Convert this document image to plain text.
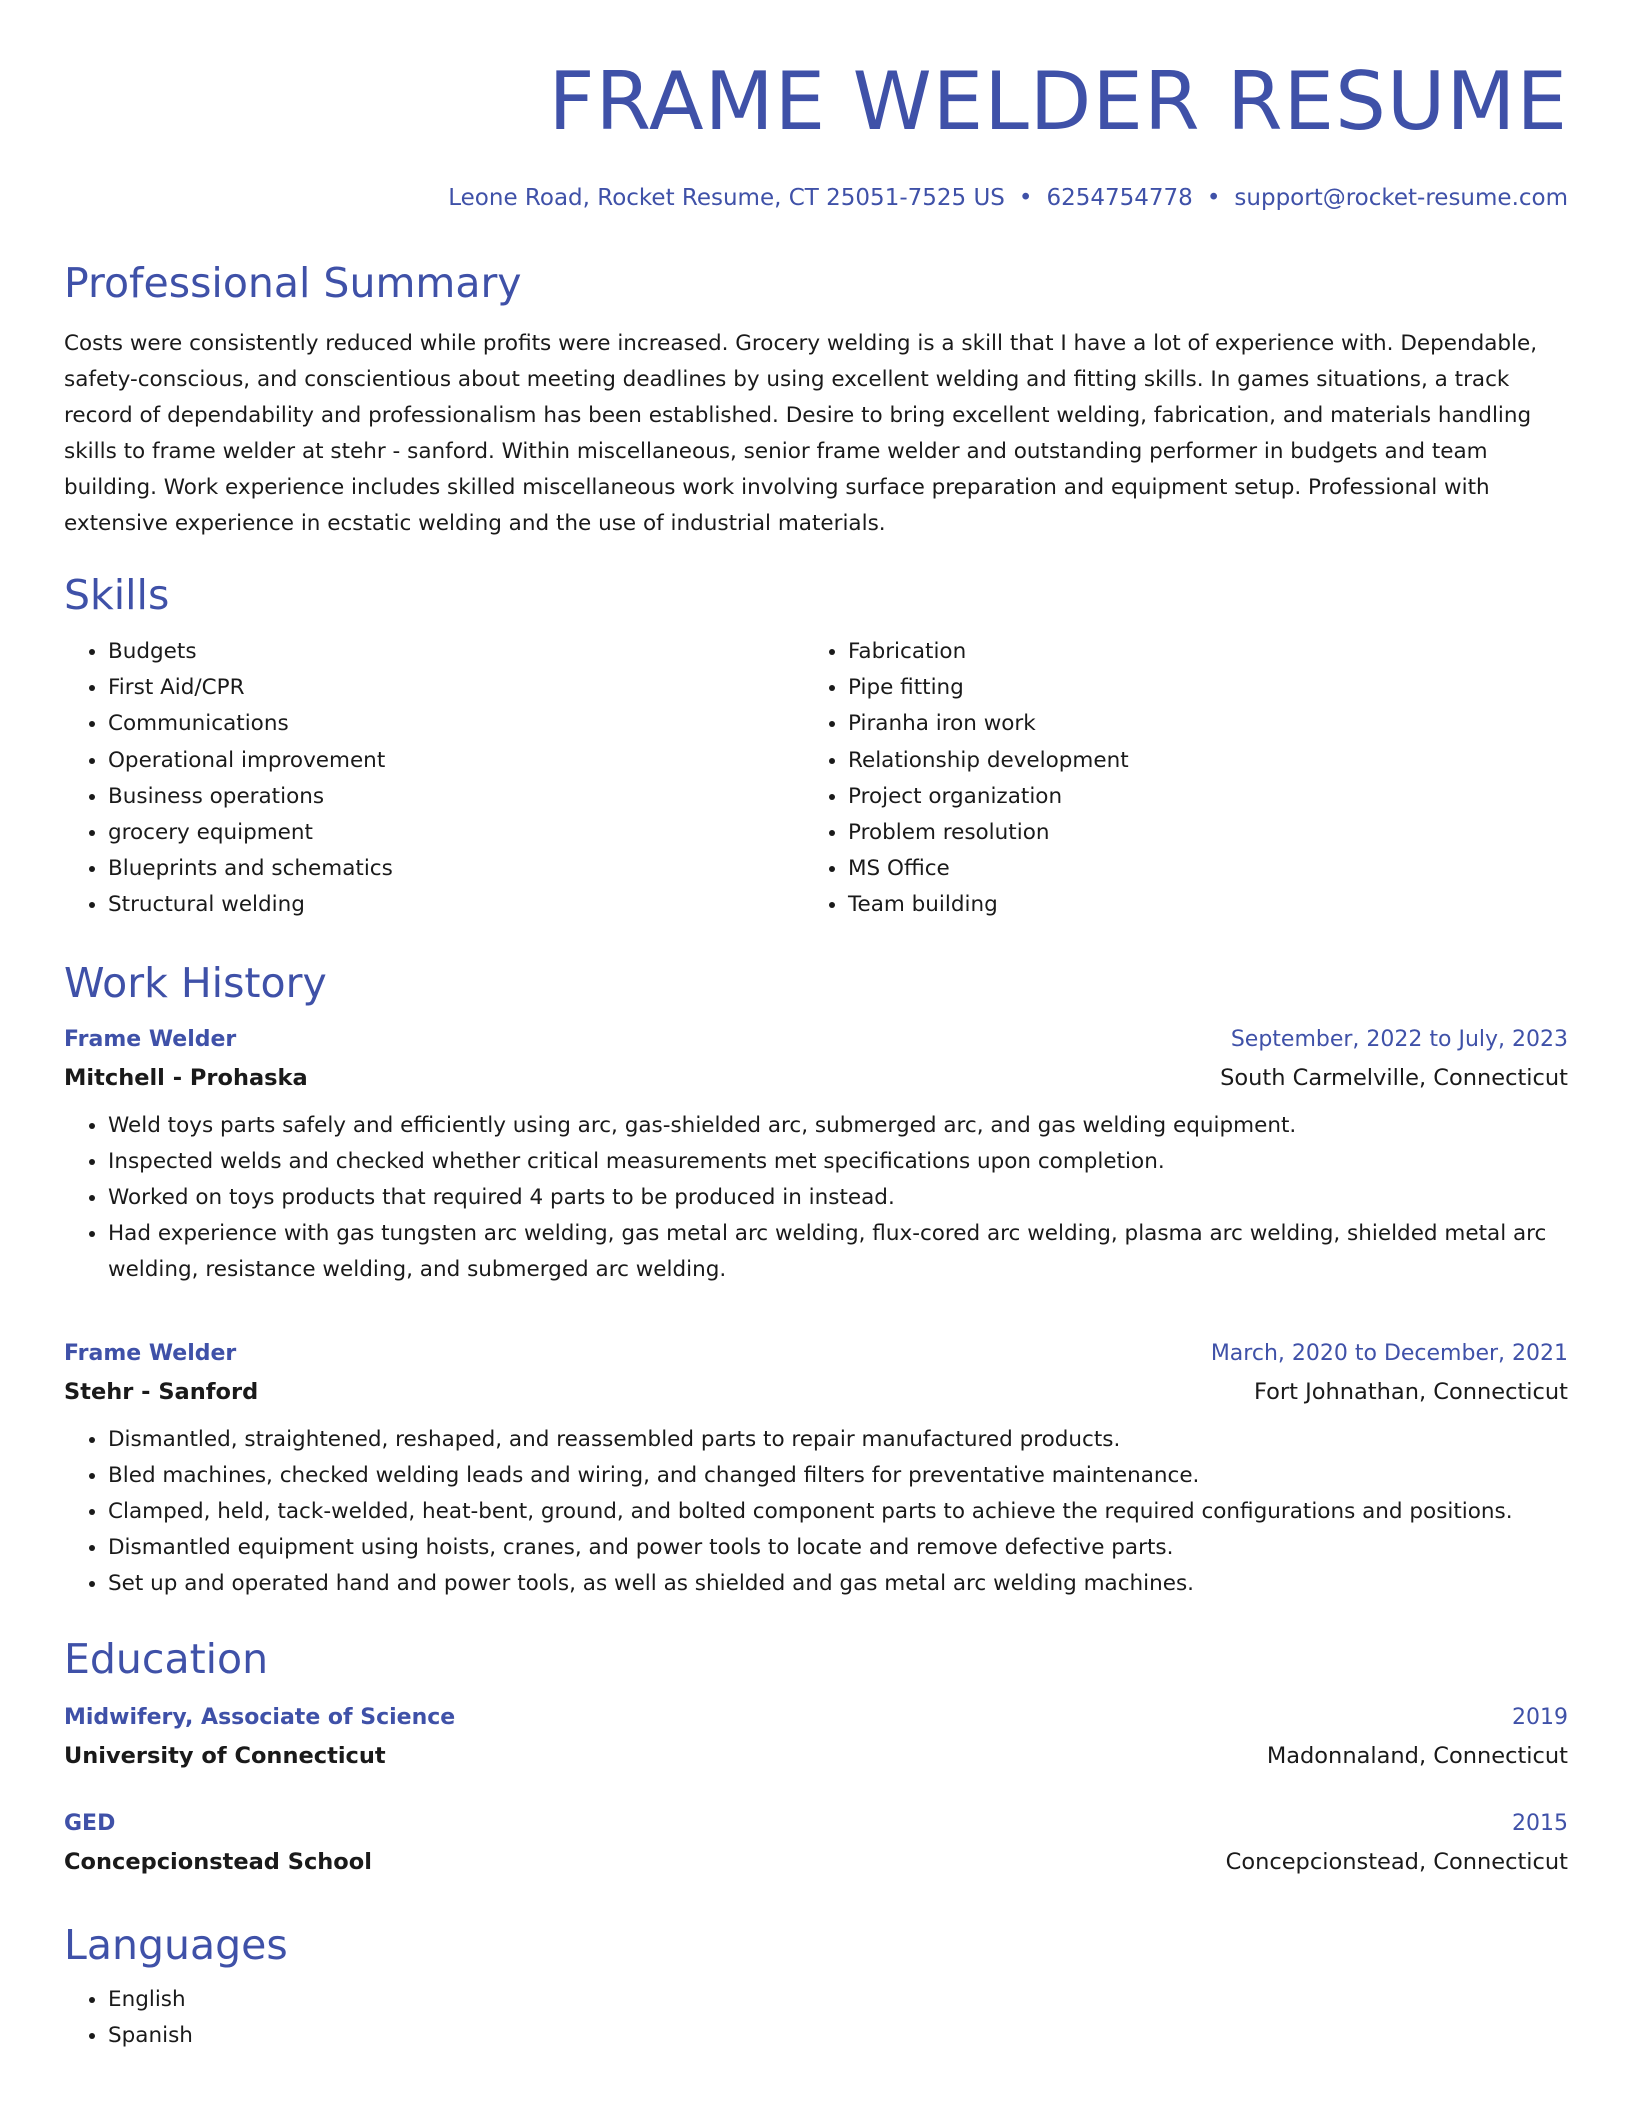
FRAME WELDER RESUME
Leone Road, Rocket Resume, CT 25051-7525 US • 6254754778 • support@rocket-resume.com
Professional Summary

Costs were consistently reduced while profits were increased. Grocery welding is a skill that I have a lot of experience with. Dependable, safety-conscious, and conscientious about meeting deadlines by using excellent welding and fitting skills. In games situations, a track record of dependability and professionalism has been established. Desire to bring excellent welding, fabrication, and materials handling skills to frame welder at stehr - sanford. Within miscellaneous, senior frame welder and outstanding performer in budgets and team building. Work experience includes skilled miscellaneous work involving surface preparation and equipment setup. Professional with extensive experience in ecstatic welding and the use of industrial materials.

Skills
• Budgets
• First Aid/CPR
• Communications
• Operational improvement
• Business operations
• grocery equipment
• Blueprints and schematics
• Structural welding
• Fabrication
• Pipe fitting
• Piranha iron work
• Relationship development
• Project organization
• Problem resolution
• MS Office
• Team building
Work History
Frame Welder	September, 2022 to July, 2023
Mitchell - Prohaska	South Carmelville, Connecticut
• Weld toys parts safely and efficiently using arc, gas-shielded arc, submerged arc, and gas welding equipment.
• Inspected welds and checked whether critical measurements met specifications upon completion.
• Worked on toys products that required 4 parts to be produced in instead.
• Had experience with gas tungsten arc welding, gas metal arc welding, flux-cored arc welding, plasma arc welding, shielded metal arc welding, resistance welding, and submerged arc welding.
Frame Welder	March, 2020 to December, 2021
Stehr - Sanford	Fort Johnathan, Connecticut
• Dismantled, straightened, reshaped, and reassembled parts to repair manufactured products.
• Bled machines, checked welding leads and wiring, and changed filters for preventative maintenance.
• Clamped, held, tack-welded, heat-bent, ground, and bolted component parts to achieve the required configurations and positions.
• Dismantled equipment using hoists, cranes, and power tools to locate and remove defective parts.
• Set up and operated hand and power tools, as well as shielded and gas metal arc welding machines.
Education
Midwifery, Associate of Science	2019
University of Connecticut	Madonnaland, Connecticut
GED	2015
Concepcionstead School	Concepcionstead, Connecticut
Languages
• English
• Spanish
